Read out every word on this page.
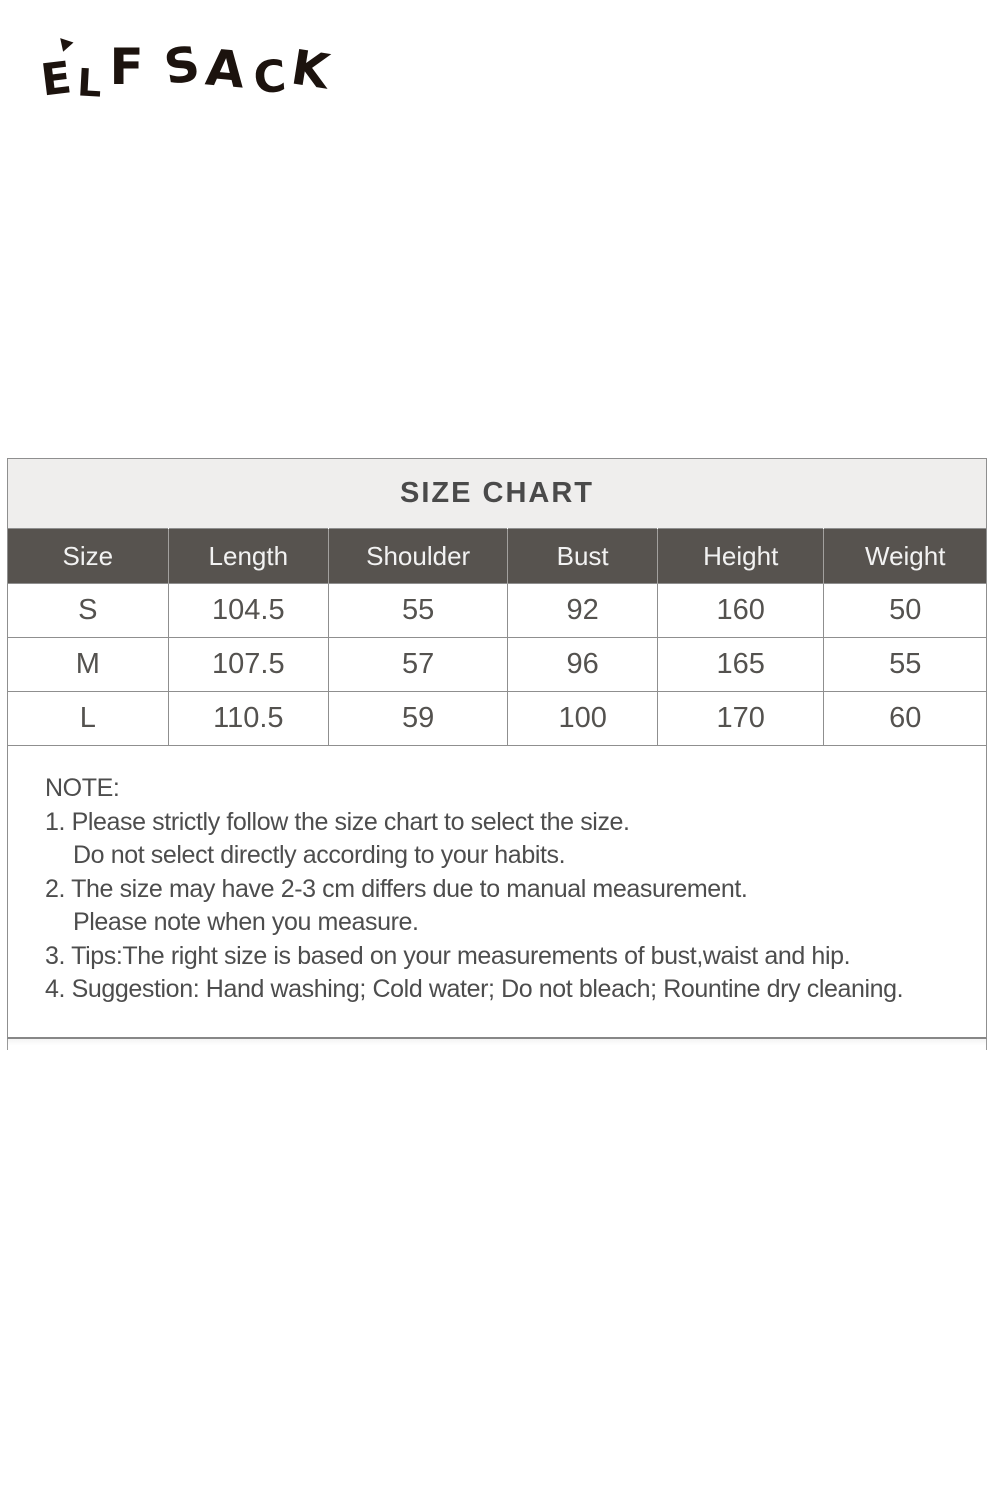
E L F S A C K
SIZE CHART
Size	Length	Shoulder	Bust	Height	Weight
S	104.5	55	92	160	50
M	107.5	57	96	165	55
L	110.5	59	100	170	60
NOTE:
1. Please strictly follow the size chart to select the size.
Do not select directly according to your habits.
2. The size may have 2-3 cm differs due to manual measurement.
Please note when you measure.
3. Tips:The right size is based on your measurements of bust,waist and hip.
4. Suggestion: Hand washing; Cold water; Do not bleach; Rountine dry cleaning.
